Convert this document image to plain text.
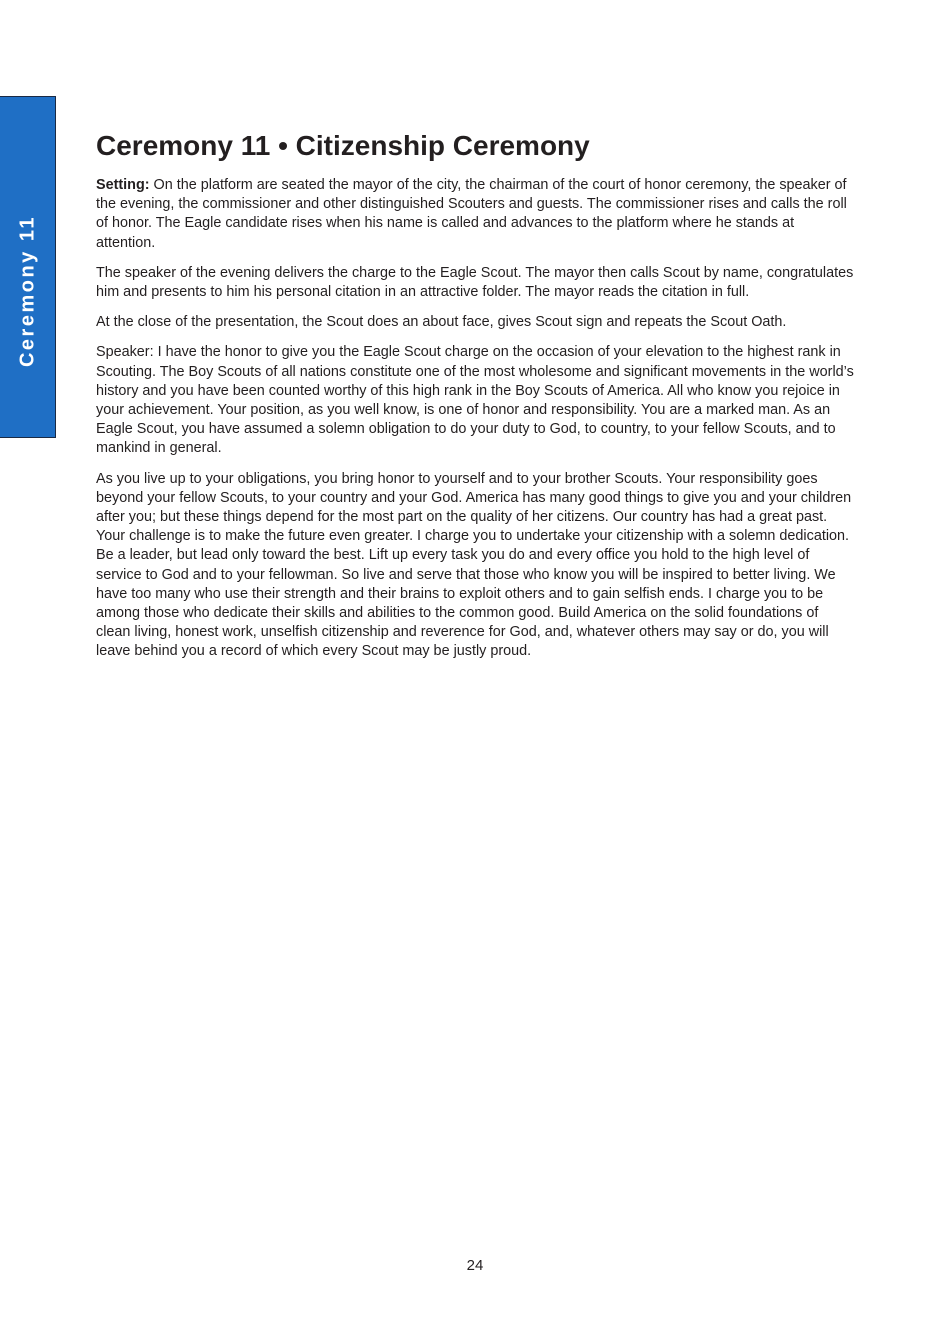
Ceremony 11
Ceremony 11 • Citizenship Ceremony

Setting: On the platform are seated the mayor of the city, the chairman of the court of honor ceremony, the speaker of the evening, the commissioner and other distinguished Scouters and guests. The commissioner rises and calls the roll of honor. The Eagle candidate rises when his name is called and advances to the platform where he stands at attention.

The speaker of the evening delivers the charge to the Eagle Scout. The mayor then calls Scout by name, congratulates him and presents to him his personal citation in an attractive folder. The mayor reads the citation in full.

At the close of the presentation, the Scout does an about face, gives Scout sign and repeats the Scout Oath.

Speaker: I have the honor to give you the Eagle Scout charge on the occasion of your elevation to the highest rank in Scouting. The Boy Scouts of all nations constitute one of the most wholesome and significant movements in the world’s history and you have been counted worthy of this high rank in the Boy Scouts of America. All who know you rejoice in your achievement. Your position, as you well know, is one of honor and responsibility. You are a marked man. As an Eagle Scout, you have assumed a solemn obligation to do your duty to God, to country, to your fellow Scouts, and to mankind in general.

As you live up to your obligations, you bring honor to yourself and to your brother Scouts. Your responsibility goes beyond your fellow Scouts, to your country and your God. America has many good things to give you and your children after you; but these things depend for the most part on the quality of her citizens. Our country has had a great past. Your challenge is to make the future even greater. I charge you to undertake your citizenship with a solemn dedication. Be a leader, but lead only toward the best. Lift up every task you do and every office you hold to the high level of service to God and to your fellowman. So live and serve that those who know you will be inspired to better living. We have too many who use their strength and their brains to exploit others and to gain selfish ends. I charge you to be among those who dedicate their skills and abilities to the common good. Build America on the solid foundations of clean living, honest work, unselfish citizenship and reverence for God, and, whatever others may say or do, you will leave behind you a record of which every Scout may be justly proud.

24
